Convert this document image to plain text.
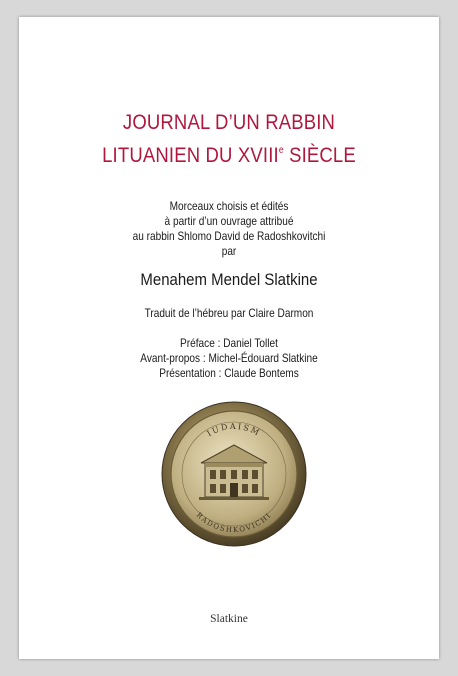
JOURNAL D’UN RABBIN
LITUANIEN DU XVIIIe SIÈCLE

Morceaux choisis et édités

à partir d’un ouvrage attribué

au rabbin Shlomo David de Radoshkovitchi

par

Menahem Mendel Slatkine

Traduit de l’hébreu par Claire Darmon

Préface : Daniel Tollet

Avant-propos : Michel-Édouard Slatkine

Présentation : Claude Bontems

IUDAISM
RADOSHKOVICHI

Slatkine
